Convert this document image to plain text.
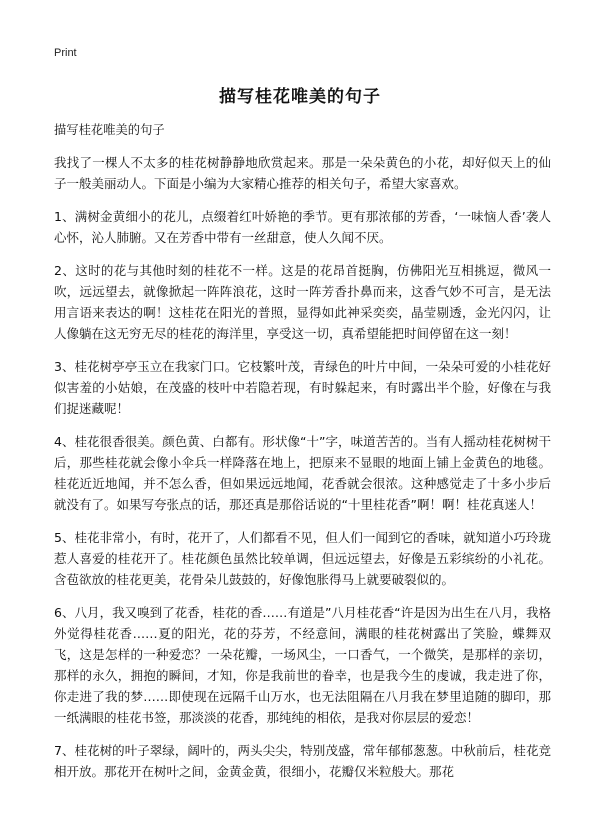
Print
描写桂花唯美的句子
描写桂花唯美的句子

我找了一棵人不太多的桂花树静静地欣赏起来。那是一朵朵黄色的小花，却好似天上的仙子一般美丽动人。下面是小编为大家精心推荐的相关句子，希望大家喜欢。

1、满树金黄细小的花儿，点缀着红叶娇艳的季节。更有那浓郁的芳香，‘一味恼人香’袭人心怀，沁人肺腑。又在芳香中带有一丝甜意，使人久闻不厌。

2、这时的花与其他时刻的桂花不一样。这是的花昂首挺胸，仿佛阳光互相挑逗，微风一吹，远远望去，就像掀起一阵阵浪花，这时一阵芳香扑鼻而来，这香气妙不可言，是无法用言语来表达的啊！这桂花在阳光的普照，显得如此神采奕奕，晶莹剔透，金光闪闪，让人像躺在这无穷无尽的桂花的海洋里，享受这一切，真希望能把时间停留在这一刻！

3、桂花树亭亭玉立在我家门口。它枝繁叶茂，青绿色的叶片中间，一朵朵可爱的小桂花好似害羞的小姑娘，在茂盛的枝叶中若隐若现，有时躲起来，有时露出半个脸，好像在与我们捉迷藏呢！

4、桂花很香很美。颜色黄、白都有。形状像“十”字，味道苦苦的。当有人摇动桂花树树干后，那些桂花就会像小伞兵一样降落在地上，把原来不显眼的地面上铺上金黄色的地毯。桂花近近地闻，并不怎么香，但如果远远地闻，花香就会很浓。这种感觉走了十多小步后就没有了。如果写夸张点的话，那还真是那俗话说的“十里桂花香”啊！啊！桂花真迷人！

5、桂花非常小，有时，花开了，人们都看不见，但人们一闻到它的香味，就知道小巧玲珑惹人喜爱的桂花开了。桂花颜色虽然比较单调，但远远望去，好像是五彩缤纷的小礼花。含苞欲放的桂花更美，花骨朵儿鼓鼓的，好像饱胀得马上就要破裂似的。

6、八月，我又嗅到了花香，桂花的香……有道是”八月桂花香“许是因为出生在八月，我格外觉得桂花香……夏的阳光，花的芬芳，不经意间，满眼的桂花树露出了笑脸，蝶舞双飞，这是怎样的一种爱恋？一朵花瓣，一场风尘，一口香气，一个微笑，是那样的亲切，那样的永久，拥抱的瞬间，才知，你是我前世的眷幸，也是我今生的虔诚，我走进了你，你走进了我的梦……即使现在远隔千山万水，也无法阻隔在八月我在梦里追随的脚印，那一纸满眼的桂花书签，那淡淡的花香，那纯纯的相依，是我对你层层的爱恋！

7、桂花树的叶子翠绿，阔叶的，两头尖尖，特别茂盛，常年郁郁葱葱。中秋前后，桂花竞相开放。那花开在树叶之间，金黄金黄，很细小，花瓣仅米粒般大。那花
